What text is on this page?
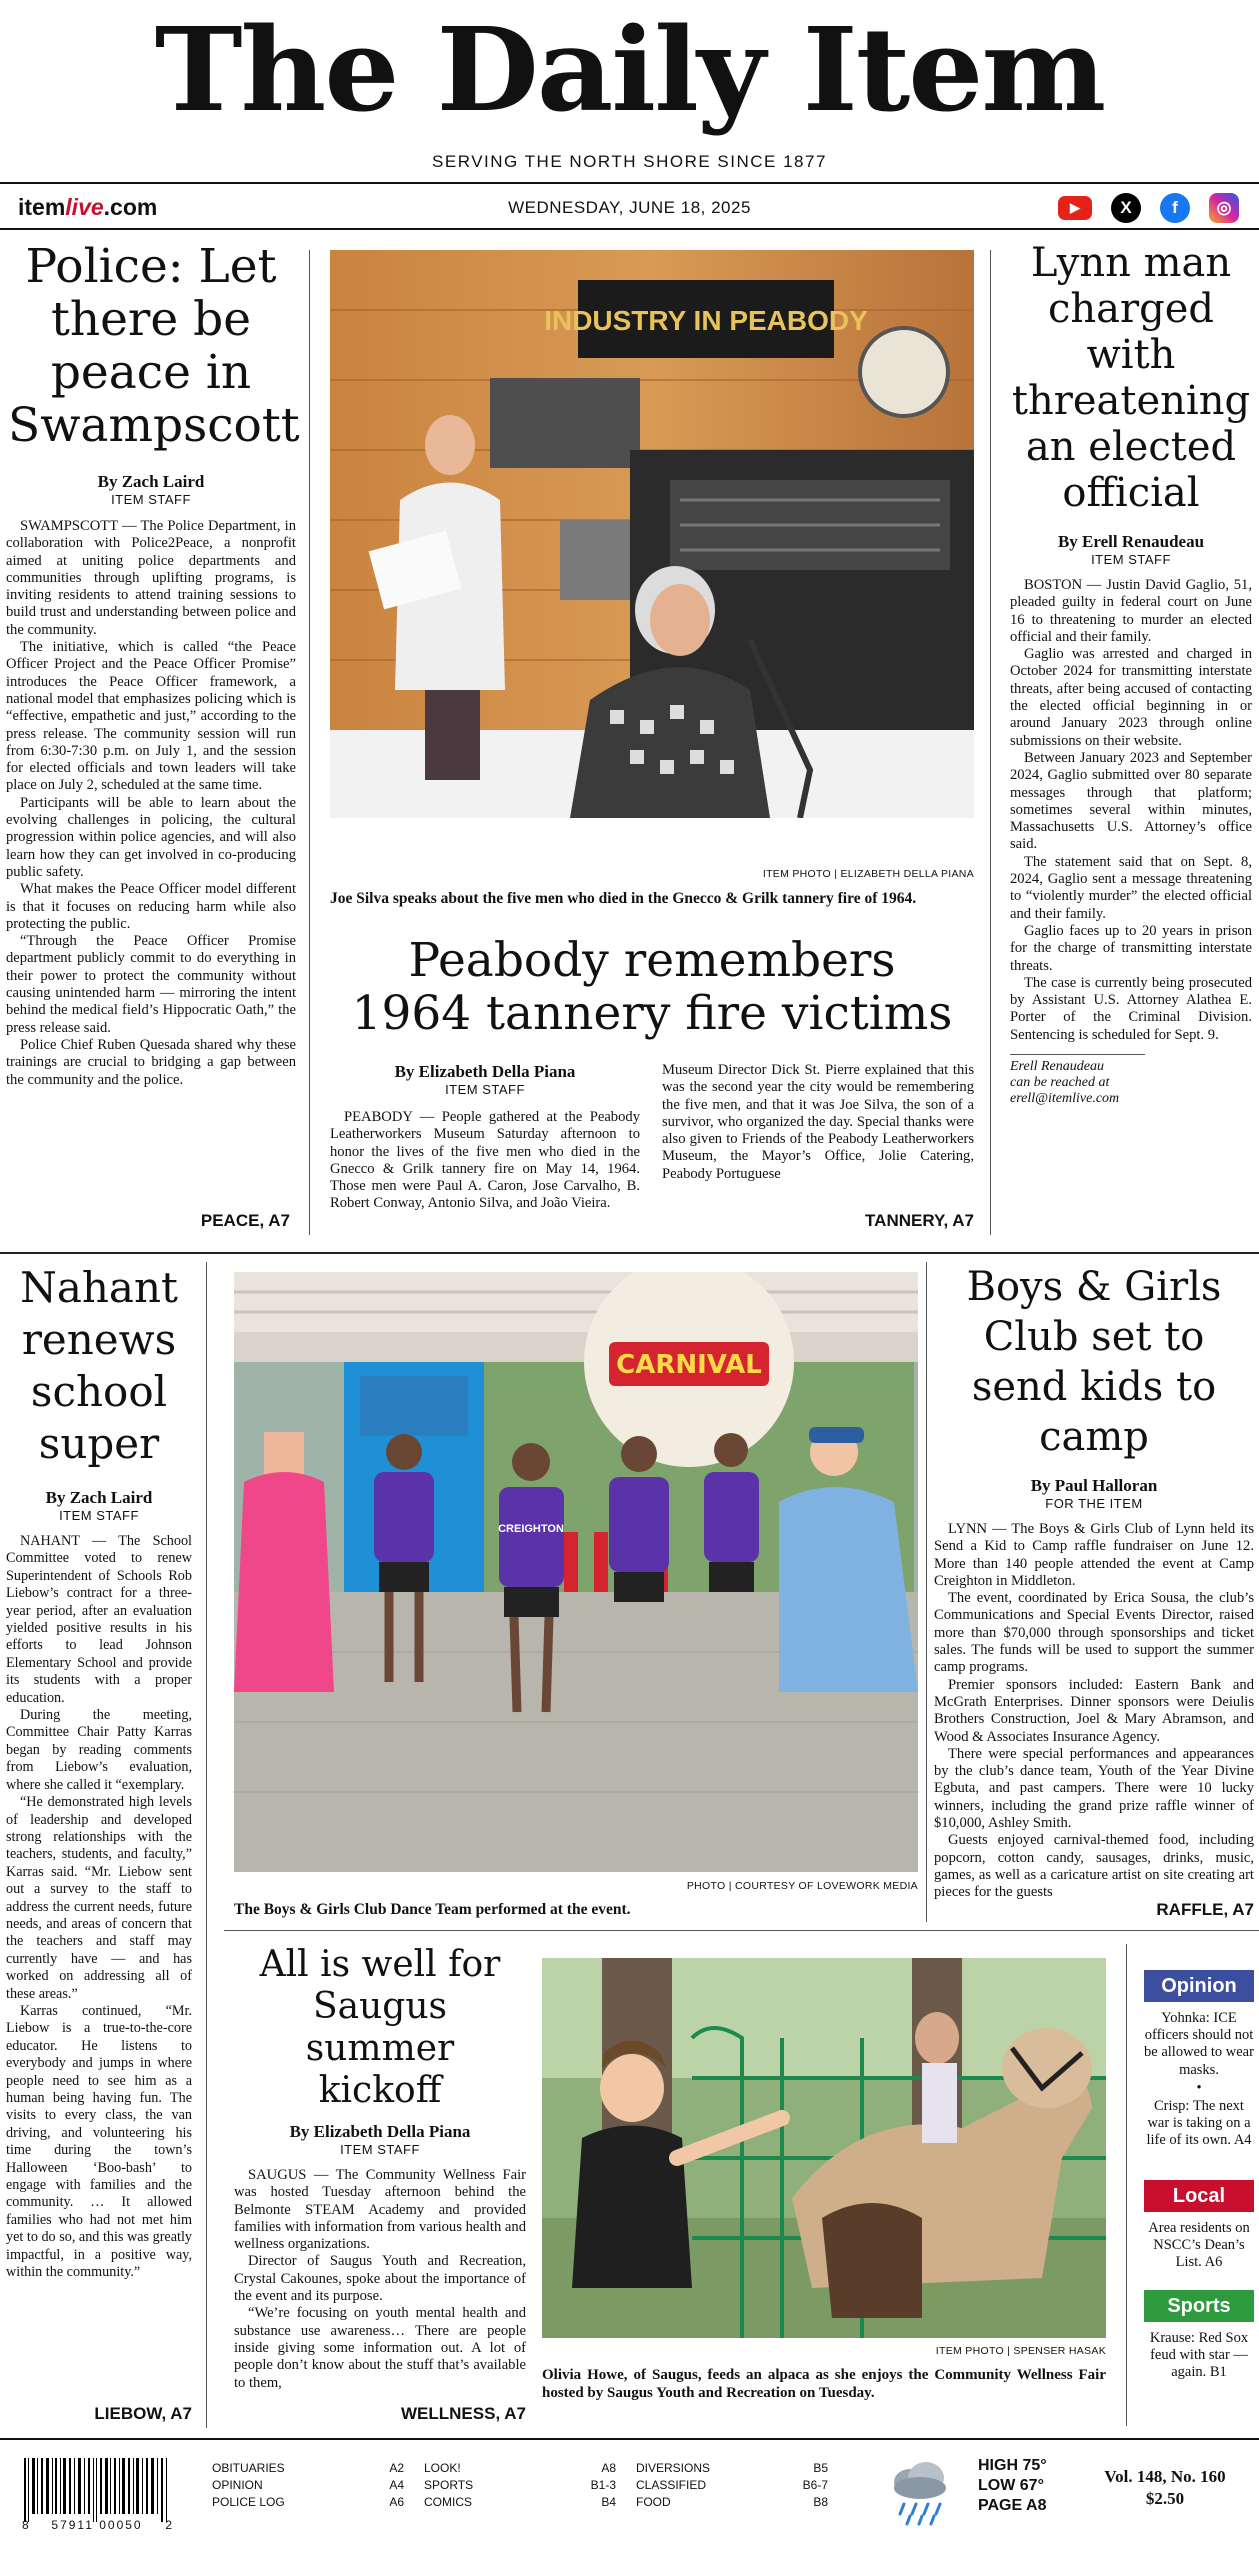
The Daily Item
SERVING THE NORTH SHORE SINCE 1877
itemlive.com	WEDNESDAY, JUNE 18, 2025	▶	X	f	◎
Police: Let there be peace in Swampscott
By Zach Laird
ITEM STAFF

SWAMPSCOTT — The Police Department, in collaboration with Police2Peace, a nonprofit aimed at uniting police departments and communities through uplifting programs, is inviting residents to attend training sessions to build trust and understanding between police and the community.

The initiative, which is called “the Peace Officer Project and the Peace Officer Promise” introduces the Peace Officer framework, a national model that emphasizes policing which is “effective, empathetic and just,” according to the press release. The community session will run from 6:30-7:30 p.m. on July 1, and the session for elected officials and town leaders will take place on July 2, scheduled at the same time.

Participants will be able to learn about the evolving challenges in policing, the cultural progression within police agencies, and will also learn how they can get involved in co-producing public safety.

What makes the Peace Officer model different is that it focuses on reducing harm while also protecting the public.

“Through the Peace Officer Promise department publicly commit to do everything in their power to protect the community without causing unintended harm — mirroring the intent behind the medical field’s Hippocratic Oath,” the press release said.

Police Chief Ruben Quesada shared why these trainings are crucial to bridging a gap between the community and the police.

PEACE, A7
INDUSTRY IN PEABODY
ITEM PHOTO | ELIZABETH DELLA PIANA
Joe Silva speaks about the five men who died in the Gnecco & Grilk tannery fire of 1964.
Peabody remembers
1964 tannery fire victims
By Elizabeth Della Piana
ITEM STAFF

PEABODY — People gathered at the Peabody Leatherworkers Museum Saturday afternoon to honor the lives of the five men who died in the Gnecco & Grilk tannery fire on May 14, 1964. Those men were Paul A. Caron, Jose Carvalho, B. Robert Conway, Antonio Silva, and João Vieira.

Museum Director Dick St. Pierre explained that this was the second year the city would be remembering the five men, and that it was Joe Silva, the son of a survivor, who organized the day. Special thanks were also given to Friends of the Peabody Leatherworkers Museum, the Mayor’s Office, Jolie Catering, Peabody Portuguese

TANNERY, A7
Lynn man charged with threatening an elected official
By Erell Renaudeau
ITEM STAFF

BOSTON — Justin David Gaglio, 51, pleaded guilty in federal court on June 16 to threatening to murder an elected official and their family.

Gaglio was arrested and charged in October 2024 for transmitting interstate threats, after being accused of contacting the elected official beginning in or around January 2023 through online submissions on their website.

Between January 2023 and September 2024, Gaglio submitted over 80 separate messages through that platform; sometimes several within minutes, Massachusetts U.S. Attorney’s office said.

The statement said that on Sept. 8, 2024, Gaglio sent a message threatening to “violently murder” the elected official and their family.

Gaglio faces up to 20 years in prison for the charge of transmitting interstate threats.

The case is currently being prosecuted by Assistant U.S. Attorney Alathea E. Porter of the Criminal Division. Sentencing is scheduled for Sept. 9.

Erell Renaudeau
can be reached at
erell@itemlive.com
Nahant renews school super
By Zach Laird
ITEM STAFF

NAHANT — The School Committee voted to renew Superintendent of Schools Rob Liebow’s contract for a three-year period, after an evaluation yielded positive results in his efforts to lead Johnson Elementary School and provide its students with a proper education.

During the meeting, Committee Chair Patty Karras began by reading comments from Liebow’s evaluation, where she called it “exemplary.

“He demonstrated high levels of leadership and developed strong relationships with the teachers, students, and faculty,” Karras said. “Mr. Liebow sent out a survey to the staff to address the current needs, future needs, and areas of concern that the teachers and staff may currently have — and has worked on addressing all of these areas.”

Karras continued, “Mr. Liebow is a true-to-the-core educator. He listens to everybody and jumps in where people need to see him as a human being having fun. The visits to every class, the van driving, and volunteering his time during the town’s Halloween ‘Boo-bash’ to engage with families and the community. … It allowed families who had not met him yet to do so, and this was greatly impactful, in a positive way, within the community.”

LIEBOW, A7
CARNIVAL
CREIGHTON
PHOTO | COURTESY OF LOVEWORK MEDIA
The Boys & Girls Club Dance Team performed at the event.
Boys & Girls Club set to send kids to camp
By Paul Halloran
FOR THE ITEM

LYNN — The Boys & Girls Club of Lynn held its Send a Kid to Camp raffle fundraiser on June 12. More than 140 people attended the event at Camp Creighton in Middleton.

The event, coordinated by Erica Sousa, the club’s Communications and Special Events Director, raised more than $70,000 through sponsorships and ticket sales. The funds will be used to support the summer camp programs.

Premier sponsors included: Eastern Bank and McGrath Enterprises. Dinner sponsors were Deiulis Brothers Construction, Joel & Mary Abramson, and Wood & Associates Insurance Agency.

There were special performances and appearances by the club’s dance team, Youth of the Year Divine Egbuta, and past campers. There were 10 lucky winners, including the grand prize raffle winner of $10,000, Ashley Smith.

Guests enjoyed carnival-themed food, including popcorn, cotton candy, sausages, drinks, music, games, as well as a caricature artist on site creating art pieces for the guests

RAFFLE, A7
All is well for Saugus summer kickoff
By Elizabeth Della Piana
ITEM STAFF

SAUGUS — The Community Wellness Fair was hosted Tuesday afternoon behind the Belmonte STEAM Academy and provided families with information from various health and wellness organizations.

Director of Saugus Youth and Recreation, Crystal Cakounes, spoke about the importance of the event and its purpose.

“We’re focusing on youth mental health and substance use awareness… There are people inside giving some information out. A lot of people don’t know about the stuff that’s available to them,

WELLNESS, A7
ITEM PHOTO | SPENSER HASAK
Olivia Howe, of Saugus, feeds an alpaca as she enjoys the Community Wellness Fair hosted by Saugus Youth and Recreation on Tuesday.
Opinion
Yohnka: ICE officers should not be allowed to wear masks.
•
Crisp: The next war is taking on a life of its own. A4
Local
Area residents on NSCC’s Dean’s List. A6
Sports
Krause: Red Sox feud with star — again. B1
8 57911 00050 2
OBITUARIES	A2
OPINION	A4
POLICE LOG	A6
LOOK!	A8
SPORTS	B1-3
COMICS	B4
DIVERSIONS	B5
CLASSIFIED	B6-7
FOOD	B8
HIGH 75°
LOW 67°
PAGE A8
Vol. 148, No. 160
$2.50
